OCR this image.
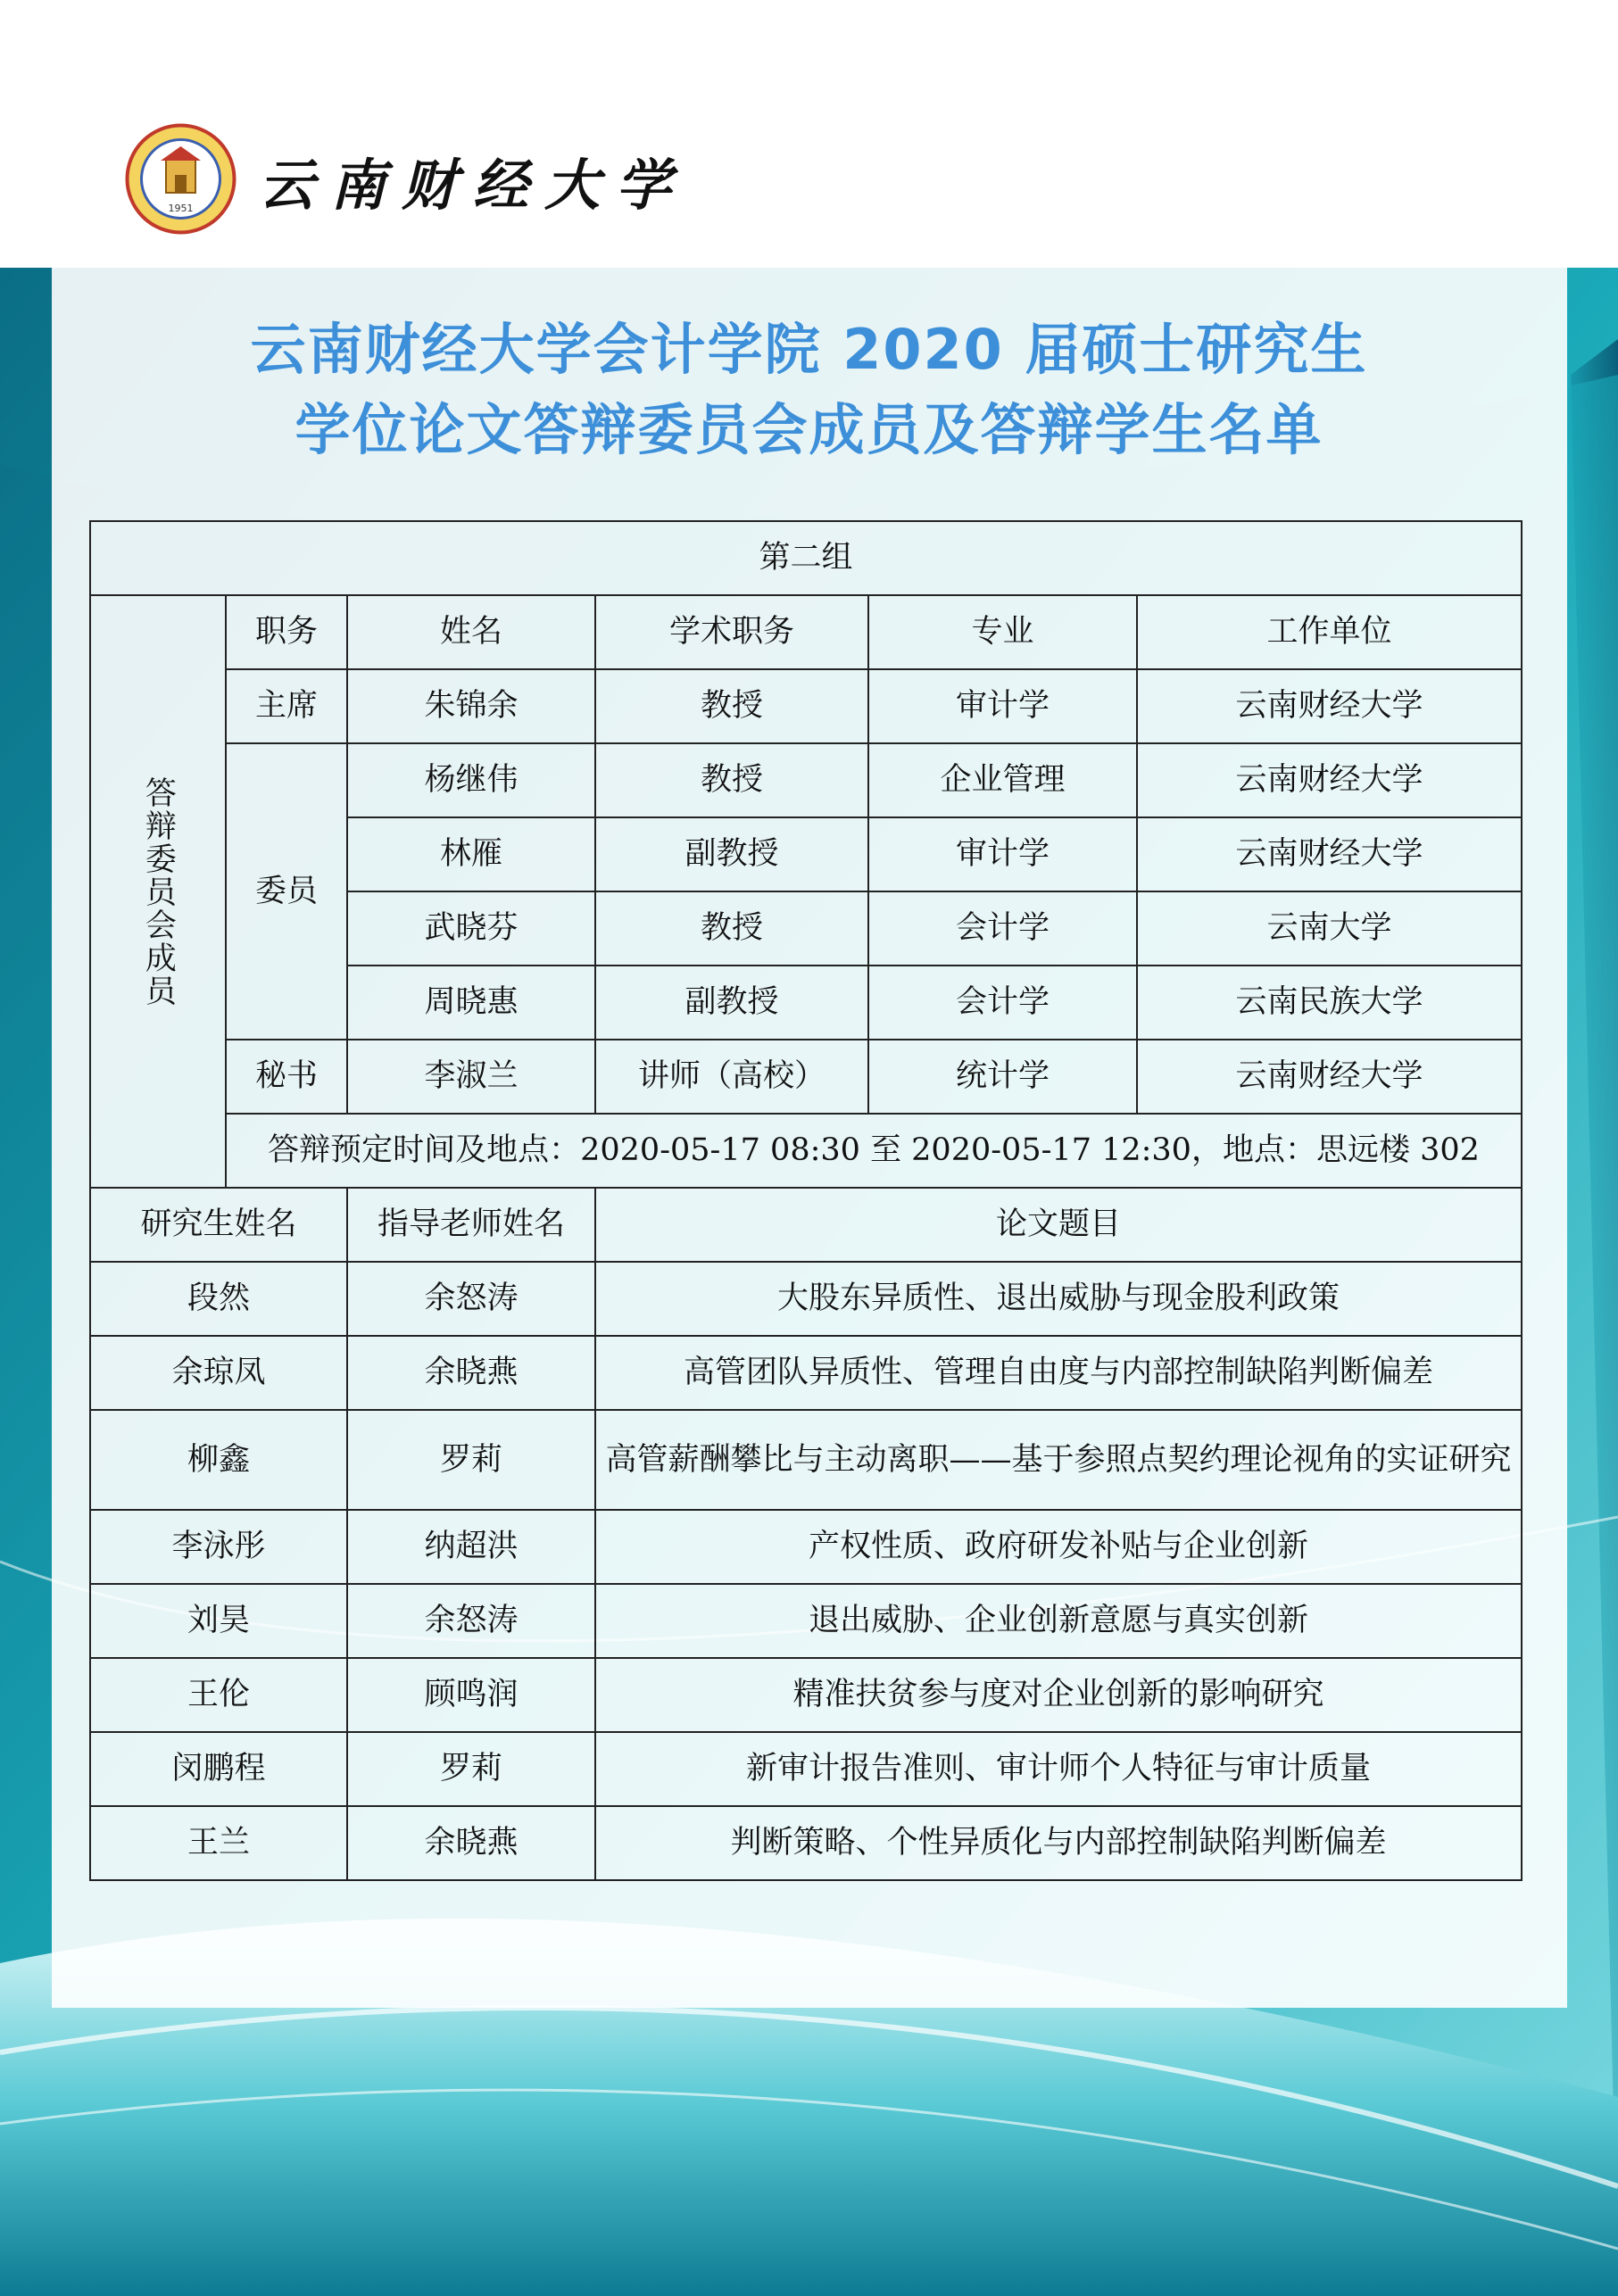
1951 云南财经大学
云南财经大学会计学院 2020 届硕士研究生
学位论文答辩委员会成员及答辩学生名单
第二组					
答辩委员会成员	职务	姓名	学术职务	专业	工作单位
	主席	朱锦余	教授	审计学	云南财经大学
	委员	杨继伟	教授	企业管理	云南财经大学
		林雁	副教授	审计学	云南财经大学
		武晓芬	教授	会计学	云南大学
		周晓惠	副教授	会计学	云南民族大学
	秘书	李淑兰	讲师（高校）	统计学	云南财经大学
	答辩预定时间及地点：2020-05-17 08:30 至 2020-05-17 12:30，地点：思远楼 302				
研究生姓名		指导老师姓名	论文题目		
段然		余怒涛	大股东异质性、退出威胁与现金股利政策		
余琼凤		余晓燕	高管团队异质性、管理自由度与内部控制缺陷判断偏差		
柳鑫		罗莉	高管薪酬攀比与主动离职——基于参照点契约理论视角的实证研究		
李泳彤		纳超洪	产权性质、政府研发补贴与企业创新		
刘昊		余怒涛	退出威胁、企业创新意愿与真实创新		
王伦		顾鸣润	精准扶贫参与度对企业创新的影响研究		
闵鹏程		罗莉	新审计报告准则、审计师个人特征与审计质量		
王兰		余晓燕	判断策略、个性异质化与内部控制缺陷判断偏差		
